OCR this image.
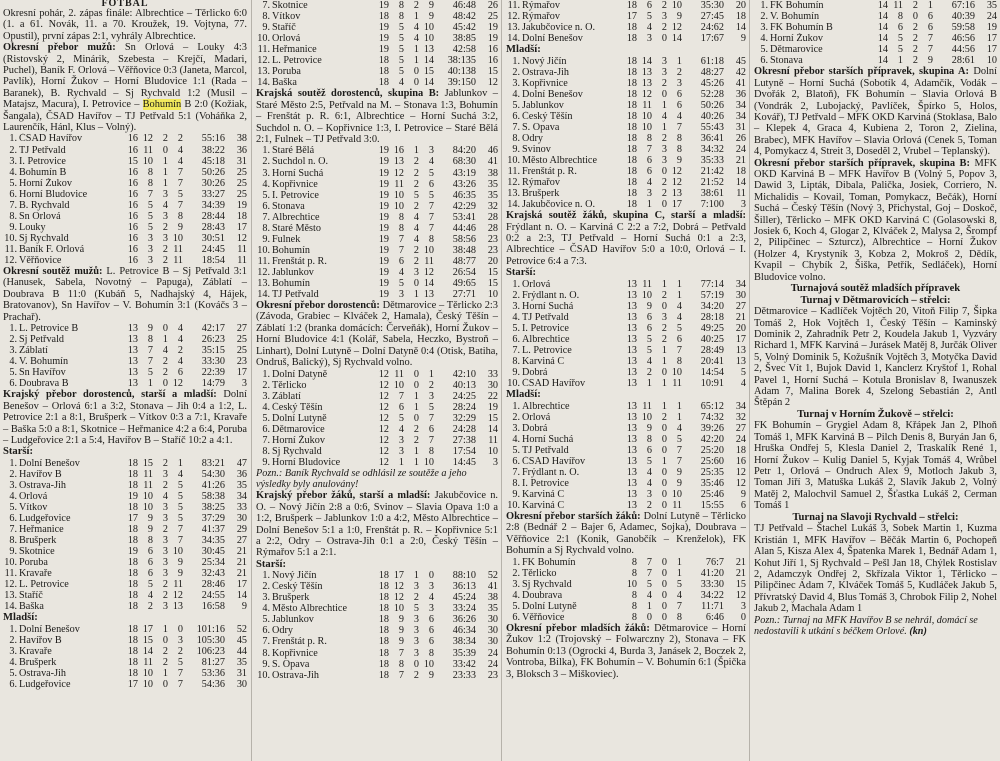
FOTBAL

Okresní pohár, 2. zápas finále: Albrechtice – Těrlicko 6:0 (1. a 61. Novák, 11. a 70. Kroužek, 19. Vojtyna, 77. Opustil), první zápas 2:1, vyhrály Albrechtice.

Okresní přebor mužů: Sn Orlová – Louky 4:3 (Ristovský 2, Minárik, Szebesta – Krejčí, Madari, Puchel), Baník F. Orlová – Věřňovice 0:3 (Janeta, Marcol, Pavlík), Horní Žukov – Horní Bludovice 1:1 (Rada – Baranek), B. Rychvald – Sj Rychvald 1:2 (Musil – Matajsz, Macura), I. Petrovice – Bohumín B 2:0 (Kožiak, Šangala), ČSAD Havířov – TJ Petřvald 5:1 (Voháňka 2, Laurenčík, Hánl, Klus – Volný).

1.	ČSAD Havířov	16	12	2	2	55:16	38
2.	TJ Petřvald	16	11	0	4	38:22	36
3.	I. Petrovice	15	10	1	4	45:18	31
4.	Bohumín B	16	8	1	7	50:26	25
5.	Horní Žukov	16	8	1	7	30:26	25
6.	Horní Bludovice	16	7	3	5	33:27	25
7.	B. Rychvald	16	5	4	7	34:39	19
8.	Sn Orlová	16	5	3	8	28:44	18
9.	Louky	16	5	2	9	28:43	17
10.	Sj Rychvald	16	3	3	10	30:51	12
11.	Baník F. Orlová	16	3	2	11	24:45	11
12.	Věřňovice	16	3	2	11	18:54	11

Okresní soutěž mužů: L. Petrovice B – Sj Petřvald 3:1 (Hanusek, Sabela, Novotný – Papuga), Záblatí – Doubrava B 11:0 (Kubáň 5, Nadhajský 4, Hájek, Bratovanov), Sn Havířov – V. Bohumín 3:1 (Kováčs 3 – Prachař).

1.	L. Petrovice B	13	9	0	4	42:17	27
2.	Sj Petřvald	13	8	1	4	26:23	25
3.	Záblatí	13	7	4	2	35:15	25
4.	V. Bohumín	13	7	2	4	33:30	23
5.	Sn Havířov	13	5	2	6	22:39	17
6.	Doubrava B	13	1	0	12	14:79	3

Krajský přebor dorostenců, starší a mladší: Dolní Benešov – Orlová 6:1 a 3:2, Stonava – Jih 0:4 a 1:2, L. Petrovice 2:1 a 8:1, Brušperk – Vítkov 0:3 a 7:1, Kravaře – Baška 5:0 a 8:1, Skotnice – Heřmanice 4:2 a 6:4, Poruba – Ludgeřovice 2:1 a 5:4, Havířov B – Staříč 10:2 a 4:1.

Starší:

1.	Dolní Benešov	18	15	2	1	83:21	47
2.	Havířov B	18	11	3	4	54:30	36
3.	Ostrava-Jih	18	11	2	5	41:26	35
4.	Orlová	19	10	4	5	58:38	34
5.	Vítkov	18	10	3	5	38:25	33
6.	Ludgeřovice	17	9	3	5	37:29	30
7.	Heřmanice	18	9	2	7	41:37	29
8.	Brušperk	18	8	3	7	34:35	27
9.	Skotnice	19	6	3	10	30:45	21
10.	Poruba	18	6	3	9	25:34	21
11.	Kravaře	18	6	3	9	32:43	21
12.	L. Petrovice	18	5	2	11	28:46	17
13.	Staříč	18	4	2	12	24:55	14
14.	Baška	18	2	3	13	16:58	9

Mladší:

1.	Dolní Benešov	18	17	1	0	101:16	52
2.	Havířov B	18	15	0	3	105:30	45
3.	Kravaře	18	14	2	2	106:23	44
4.	Brušperk	18	11	2	5	81:27	35
5.	Ostrava-Jih	18	10	1	7	53:36	31
6.	Ludgeřovice	17	10	0	7	54:36	30
7.	Skotnice	19	8	2	9	46:48	26
8.	Vítkov	18	8	1	9	48:42	25
9.	Staříč	19	5	4	10	45:42	19
10.	Orlová	19	5	4	10	38:85	19
11.	Heřmanice	19	5	1	13	42:58	16
12.	L. Petrovice	18	5	1	14	38:135	16
13.	Poruba	18	5	0	15	40:138	15
14.	Baška	18	4	0	14	39:150	12

Krajská soutěž dorostenců, skupina B: Jablunkov – Staré Město 2:5, Petřvald na M. – Stonava 1:3, Bohumín – Frenštát p. R. 6:1, Albrechtice – Horní Suchá 3:2, Suchdol n. O. – Kopřivnice 1:3, I. Petrovice – Staré Bělá 2:1, Fulnek – TJ Petřvald 3:0.

1.	Staré Bělá	19	16	1	3	84:20	46
2.	Suchdol n. O.	19	13	2	4	68:30	41
3.	Horní Suchá	19	12	2	5	43:19	38
4.	Kopřivnice	19	11	2	6	43:26	35
5.	I. Petrovice	19	10	5	5	46:35	35
6.	Stonava	19	10	2	7	42:29	32
7.	Albrechtice	19	8	4	7	53:41	28
8.	Staré Město	19	8	4	7	44:46	28
9.	Fulnek	19	7	4	8	58:56	23
10.	Bohumín	19	7	2	10	38:48	23
11.	Frenštát p. R.	19	6	2	11	48:77	20
12.	Jablunkov	19	4	3	12	26:54	15
13.	Bohumín	19	5	0	14	49:65	15
14.	TJ Petřvald	19	3	1	13	27:71	10

Okresní přebor dorostenců: Dětmarovice – Těrlicko 2:3 (Závoda, Grabiec – Klváček 2, Hamala), Český Těšín – Záblatí 1:2 (branka domácích: Červeňák), Horní Žukov – Horní Bludovice 4:1 (Kolář, Sabela, Heczko, Bystroň – Linhart), Dolní Lutyně – Dolní Datyně 0:4 (Otisk, Batiha, Ondruš, Balický), Sj Rychvald volno.

1.	Dolní Datyně	12	11	0	1	42:10	33
2.	Těrlicko	12	10	0	2	40:13	30
3.	Záblatí	12	7	1	3	24:25	22
4.	Český Těšín	12	6	1	5	28:24	19
5.	Dolní Lutyně	12	5	0	7	32:29	15
6.	Dětmarovice	12	4	2	6	24:28	14
7.	Horní Žukov	12	3	2	7	27:38	11
8.	Sj Rychvald	12	3	1	8	17:54	10
9.	Horní Bludovice	12	1	1	10	14:45	3

Pozn.: Baník Rychvald se odhlásil ze soutěže a jeho výsledky byly anulovány!

Krajský přebor žáků, starší a mladší: Jakubčovice n. O. – Nový Jičín 2:8 a 0:6, Svinov – Slavia Opava 1:0 a 1:2, Brušperk – Jablunkov 1:0 a 4:2, Město Albrechtice – Dolní Benešov 5:1 a 1:0, Frenštát p. R. – Kopřivnice 5:1 a 2:2, Odry – Ostrava-Jih 0:1 a 2:0, Český Těšín – Rýmařov 5:1 a 2:1.

Starší:

1.	Nový Jičín	18	17	1	0	88:10	52
2.	Český Těšín	18	12	3	3	36:13	41
3.	Brušperk	18	12	2	4	45:24	38
4.	Město Albrechtice	18	10	5	3	33:24	35
5.	Jablunkov	18	9	3	6	36:26	30
6.	Odry	18	9	3	6	46:34	30
7.	Frenštát p. R.	18	9	3	6	38:34	30
8.	Kopřivnice	18	7	3	8	35:39	24
9.	S. Opava	18	8	0	10	33:42	24
10.	Ostrava-Jih	18	7	2	9	23:33	23
11.	Rýmařov	18	6	2	10	35:30	20
12.	Rýmařov	17	5	3	9	27:45	18
13.	Jakubčovice n. O.	18	4	2	12	24:62	14
14.	Dolní Benešov	18	3	0	14	17:67	9

Mladší:

1.	Nový Jičín	18	14	3	1	61:18	45
2.	Ostrava-Jih	18	13	3	2	48:27	42
3.	Kopřivnice	18	13	2	3	45:26	41
4.	Dolní Benešov	18	12	0	6	52:28	36
5.	Jablunkov	18	11	1	6	50:26	34
6.	Český Těšín	18	10	4	4	40:26	34
7.	S. Opava	18	10	1	7	55:43	31
8.	Odry	18	8	2	8	36:41	26
9.	Svinov	18	7	3	8	34:32	24
10.	Město Albrechtice	18	6	3	9	35:33	21
11.	Frenštát p. R.	18	6	0	12	21:42	18
12.	Rýmařov	18	4	2	12	21:52	14
13.	Brušperk	18	3	2	13	38:61	11
14.	Jakubčovice n. O.	18	1	0	17	7:100	3

Krajská soutěž žáků, skupina C, starší a mladší: Frýdlant n. O. – Karviná C 2:2 a 7:2, Dobrá – Petřvald 0:2 a 2:3, TJ Petřvald – Horní Suchá 0:1 a 2:3, Albrechtice – ČSAD Havířov 5:0 a 10:0, Orlová – I. Petrovice 6:4 a 7:3.

Starší:

1.	Orlová	13	11	1	1	77:14	34
2.	Frýdlant n. O.	13	10	2	1	57:19	30
3.	Horní Suchá	13	9	0	4	34:20	27
4.	TJ Petřvald	13	6	3	4	28:18	21
5.	I. Petrovice	13	6	2	5	49:25	20
6.	Albrechtice	13	5	2	6	40:25	17
7.	L. Petrovice	13	5	1	7	28:49	13
8.	Karviná C	13	4	1	8	20:41	13
9.	Dobrá	13	2	0	10	14:54	5
10.	ČSAD Havířov	13	1	1	11	10:91	4

Mladší:

1.	Albrechtice	13	11	1	1	65:12	34
2.	Orlová	13	10	2	1	74:32	32
3.	Dobrá	13	9	0	4	39:26	27
4.	Horní Suchá	13	8	0	5	42:20	24
5.	TJ Petřvald	13	6	0	7	25:20	18
6.	ČSAD Havířov	13	5	1	7	25:60	16
7.	Frýdlant n. O.	13	4	0	9	25:35	12
8.	I. Petrovice	13	4	0	9	35:46	12
9.	Karviná C	13	3	0	10	25:46	9
10.	Karviná C	13	2	0	11	15:55	6

Okresní přebor starších žáků: Dolní Lutyně – Těrlicko 2:8 (Bednář 2 – Bajer 6, Adamec, Sojka), Doubrava – Věřňovice 2:1 (Konik, Ganobčík – Krenželok), FK Bohumín a Sj Rychvald volno.

1.	FK Bohumín	8	7	0	1	76:7	21
2.	Těrlicko	8	7	0	1	41:20	21
3.	Sj Rychvald	10	5	0	5	33:30	15
4.	Doubrava	8	4	0	4	34:22	12
5.	Dolní Lutyně	8	1	0	7	11:71	3
6.	Věřňovice	8	0	0	8	6:46	0

Okresní přebor mladších žáků: Dětmarovice – Horní Žukov 1:2 (Trojovský – Folwarczny 2), Stonava – FK Bohumín 0:13 (Ogrocki 4, Burda 3, Janásek 2, Boczek 2, Vontroba, Bilka), FK Bohumín – V. Bohumín 6:1 (Špička 3, Bloksch 3 – Miškoviec).

1.	FK Bohumín	14	11	2	1	67:16	35
2.	V. Bohumín	14	8	0	6	40:39	24
3.	FK Bohumín B	14	6	2	6	59:58	19
4.	Horní Žukov	14	5	2	7	46:56	17
5.	Dětmarovice	14	5	2	7	44:56	17
6.	Stonava	14	1	2	9	28:61	10

Okresní přebor starších přípravek, skupina A: Dolní Lutyně – Horní Suchá (Sobotík 4, Adamčík, Vodák – Dvořák 2, Blatoň), FK Bohumín – Slavia Orlová B (Vondrák 2, Lubojacký, Pavlíček, Špírko 5, Holos, Kovář), TJ Petřvald – MFK OKD Karviná (Stoklasa, Balo – Klepek 4, Graca 4, Kubiena 2, Toron 2, Zielina, Brabec), MFK Havířov – Slavia Orlová (Cenek 5, Toman 4, Pomykacz 4, Streit 3, Dosedĕl 2, Vrubel – Teplanský).

Okresní přebor starších přípravek, skupina B: MFK OKD Karviná B – MFK Havířov B (Volný 5, Popov 3, Dawid 3, Lipták, Dibala, Palička, Josiek, Corriero, N. Michalidis – Kovail, Toman, Pomykacz, Bečák), Horní Suchá – Český Těšín (Nový 3, Přichystal, Goj – Doskoč, Šiller), Těrlicko – MFK OKD Karviná C (Golasowski 8, Josiek 6, Koch 4, Glogar 2, Klváček 2, Malysa 2, Šrompf 2, Pilipčinec – Szturcz), Albrechtice – Horní Žukov (Holzer 4, Krystyník 3, Kobza 2, Mokroš 2, Dědík, Kvapil – Chybík 2, Šiška, Petřík, Sedláček), Horní Bludovice volno.

Turnajová soutěž mladších přípravek

Turnaj v Dětmarovicích – střelci:

Dětmarovice – Kadlíček Vojtěch 20, Vitoň Filip 7, Šipka Tomáš 2, Hok Vojtěch 1, Český Těšín – Kaminský Dominik 2, Zahradník Petr 2, Koudela Jakub 1, Vyzváry Richard 1, MFK Karviná – Jurásek Matěj 8, Jurčák Oliver 5, Volný Dominik 5, Kožušník Vojtěch 3, Motyčka David 2, Švec Vít 1, Bujok David 1, Kanclerz Kryštof 1, Rohal Pavel 1, Horní Suchá – Kotula Bronislav 8, Iwanuszek Adam 7, Malina Borek 4, Szelong Sebastián 2, Antl Štěpán 2

Turnaj v Horním Žukově – střelci:

FK Bohumín – Grygiel Adam 8, Křápek Jan 2, Plhoň Tomáš 1, MFK Karviná B – Pilch Denis 8, Buryán Jan 6, Hruška Ondřej 5, Klesla Daniel 2, Traskalík René 1, Horní Žukov – Kulig Daniel 5, Kyjak Tomáš 4, Wrůbel Petr 1, Orlová – Ondruch Alex 9, Motloch Jakub 3, Toman Jiří 3, Matuška Lukáš 2, Slavík Jakub 2, Volný Matěj 2, Malochvil Samuel 2, Šťastka Lukáš 2, Cerman Tomáš 1

Turnaj na Slavoji Rychvald – střelci:

TJ Petřvald – Štachel Lukáš 3, Sobek Martin 1, Kuzma Kristián 1, MFK Havířov – Běčák Martin 6, Pochopeň Alan 5, Kisza Alex 4, Špatenka Marek 1, Bednář Adam 1, Kohut Jiří 1, Sj Rychvald – Pešl Jan 18, Chýlek Rostislav 2, Adamczyk Ondřej 2, Skřízala Viktor 1, Těrlicko – Pilipčinec Adam 7, Klváček Tomáš 5, Kudláček Jakub 5, Přívratský David 4, Blus Tomáš 3, Chrobok Filip 2, Nohel Jakub 2, Machala Adam 1

Pozn.: Turnaj na MFK Havířov B se nehrál, domácí se nedostavili k utkání s béčkem Orlové. (kn)
